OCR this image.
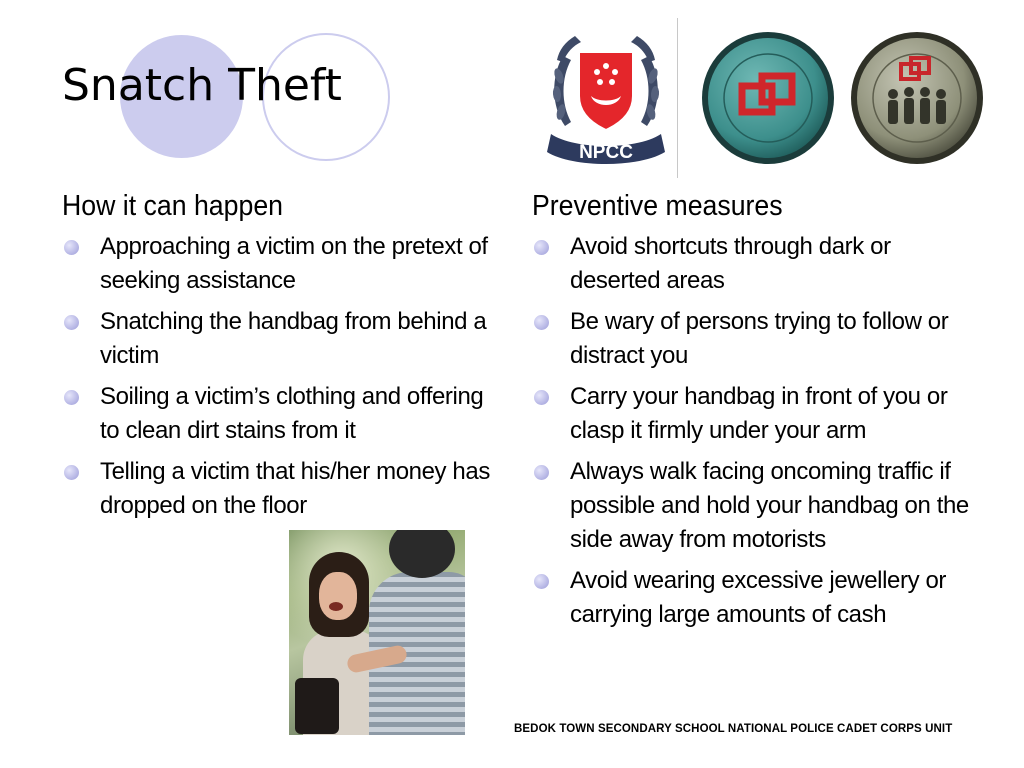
Snatch Theft
NPCC
How it can happen
Approaching a victim on the pretext of seeking assistance
Snatching the handbag from behind a victim
Soiling a victim’s clothing and offering to clean dirt stains from it
Telling a victim that his/her money has dropped on the floor
Preventive measures
Avoid shortcuts through dark or deserted areas
Be wary of persons trying to follow or distract you
Carry your handbag in front of you or clasp it firmly under your arm
Always walk facing oncoming traffic if possible and hold your handbag on the side away from motorists
Avoid wearing excessive jewellery or carrying large amounts of cash
BEDOK TOWN SECONDARY SCHOOL NATIONAL POLICE CADET CORPS UNIT
